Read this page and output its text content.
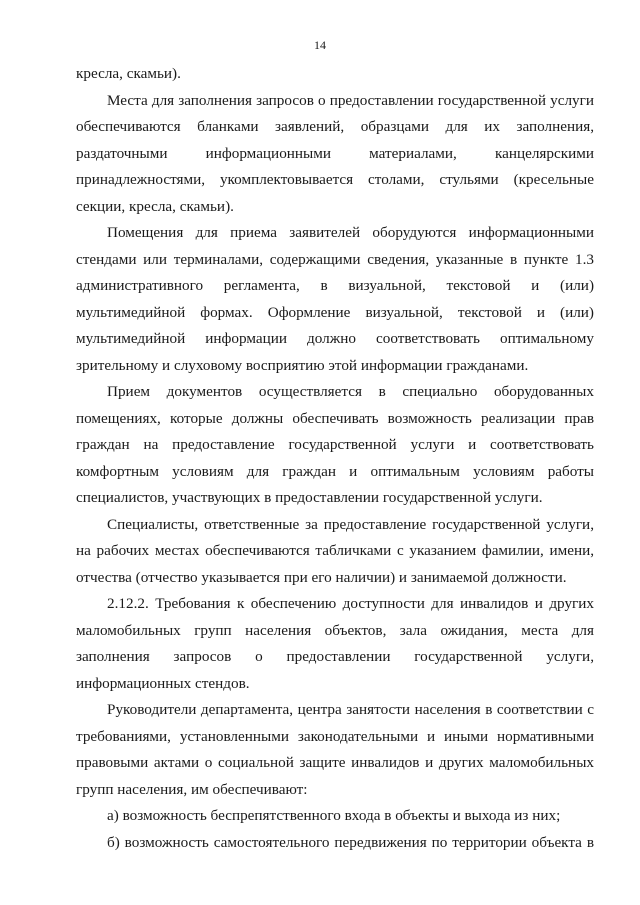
14

кресла, скамьи).

Места для заполнения запросов о предоставлении государственной услуги обеспечиваются бланками заявлений, образцами для их заполнения, раздаточными информационными материалами, канцелярскими принадлежностями, укомплектовывается столами, стульями (кресельные секции, кресла, скамьи).

Помещения для приема заявителей оборудуются информационными стендами или терминалами, содержащими сведения, указанные в пункте 1.3 административного регламента, в визуальной, текстовой и (или) мультимедийной формах. Оформление визуальной, текстовой и (или) мультимедийной информации должно соответствовать оптимальному зрительному и слуховому восприятию этой информации гражданами.

Прием документов осуществляется в специально оборудованных помещениях, которые должны обеспечивать возможность реализации прав граждан на предоставление государственной услуги и соответствовать комфортным условиям для граждан и оптимальным условиям работы специалистов, участвующих в предоставлении государственной услуги.

Специалисты, ответственные за предоставление государственной услуги, на рабочих местах обеспечиваются табличками с указанием фамилии, имени, отчества (отчество указывается при его наличии) и занимаемой должности.

2.12.2. Требования к обеспечению доступности для инвалидов и других маломобильных групп населения объектов, зала ожидания, места для заполнения запросов о предоставлении государственной услуги, информационных стендов.

Руководители департамента, центра занятости населения в соответствии с требованиями, установленными законодательными и иными нормативными правовыми актами о социальной защите инвалидов и других маломобильных групп населения, им обеспечивают:

а) возможность беспрепятственного входа в объекты и выхода из них;

б) возможность самостоятельного передвижения по территории объекта в
